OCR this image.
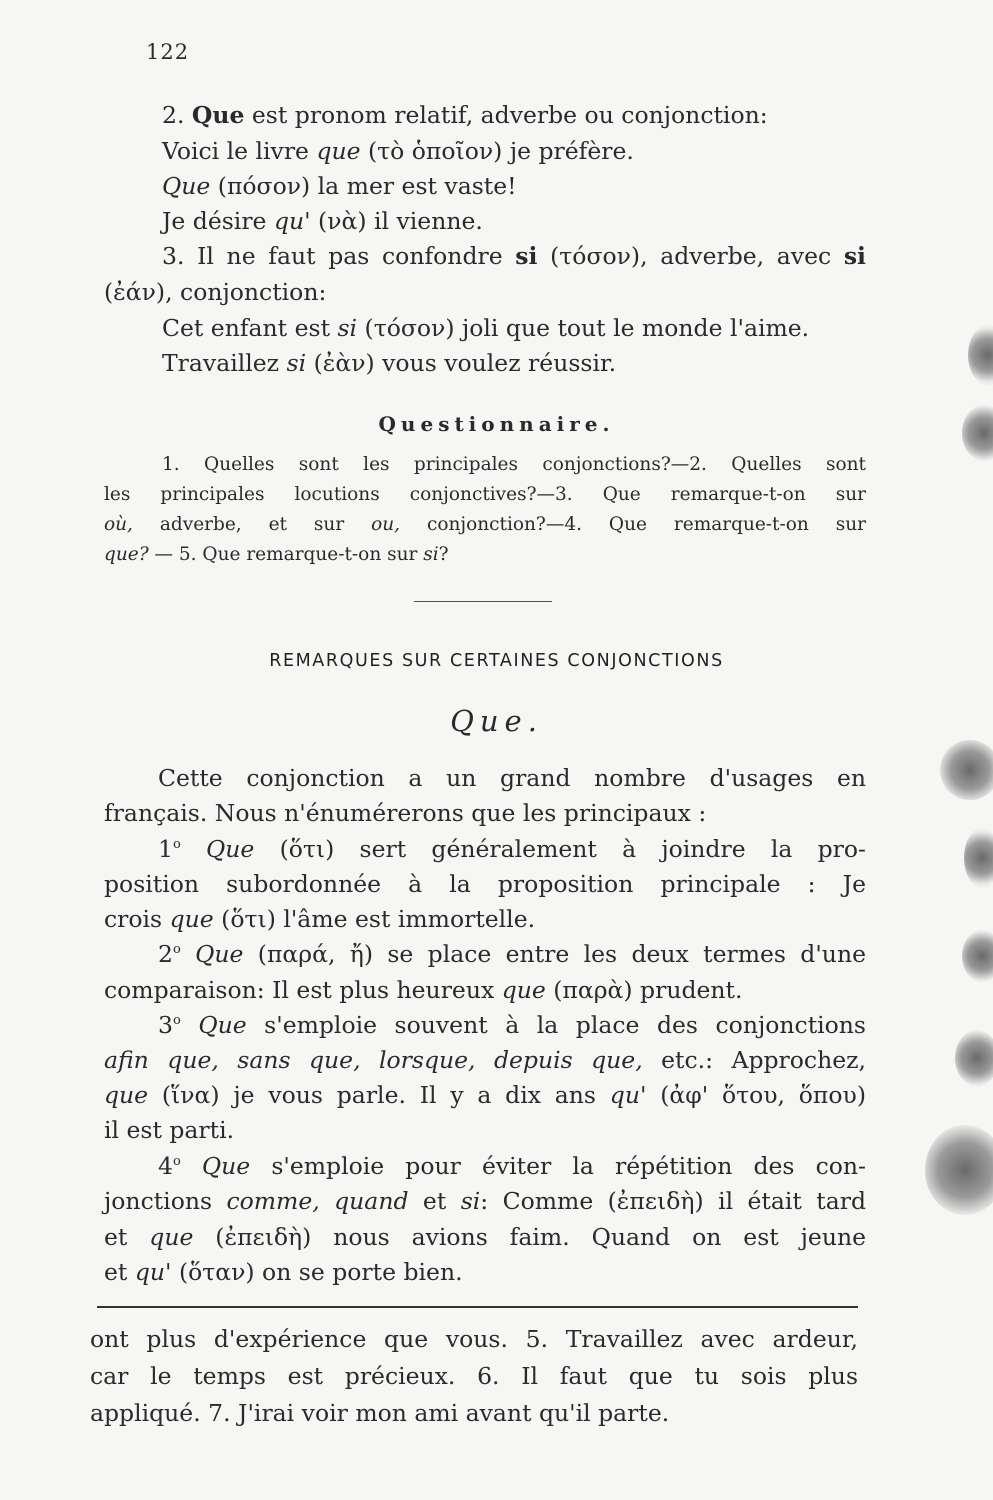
122
2. Que est pronom relatif, adverbe ou conjonction:
Voici le livre que (τὸ ὁποῖον) je préfère.
Que (πόσον) la mer est vaste!
Je désire qu' (νὰ) il vienne.
3. Il ne faut pas confondre si (τόσον), adverbe, avec si
(ἐάν), conjonction:
Cet enfant est si (τόσον) joli que tout le monde l'aime.
Travaillez si (ἐὰν) vous voulez réussir.
Questionnaire.
1. Quelles sont les principales conjonctions?—2. Quelles sont
les principales locutions conjonctives?—3. Que remarque-t-on sur
où, adverbe, et sur ou, conjonction?—4. Que remarque-t-on sur
que? — 5. Que remarque-t-on sur si?
REMARQUES SUR CERTAINES CONJONCTIONS
Que.
Cette conjonction a un grand nombre d'usages en
français. Nous n'énumérerons que les principaux :
1$^o$ Que (ὅτι) sert généralement à joindre la pro-
position subordonnée à la proposition principale : Je
crois que (ὅτι) l'âme est immortelle.
2$^o$ Que (παρά, ἤ) se place entre les deux termes d'une
comparaison: Il est plus heureux que (παρὰ) prudent.
3$^o$ Que s'emploie souvent à la place des conjonctions
afin que, sans que, lorsque, depuis que, etc.: Approchez,
que (ἵνα) je vous parle. Il y a dix ans qu' (ἀφ' ὅτου, ὅπου)
il est parti.
4$^o$ Que s'emploie pour éviter la répétition des con-
jonctions comme, quand et si: Comme (ἐπειδὴ) il était tard
et que (ἐπειδὴ) nous avions faim. Quand on est jeune
et qu' (ὅταν) on se porte bien.
ont plus d'expérience que vous. 5. Travaillez avec ardeur,
car le temps est précieux. 6. Il faut que tu sois plus
appliqué. 7. J'irai voir mon ami avant qu'il parte.
